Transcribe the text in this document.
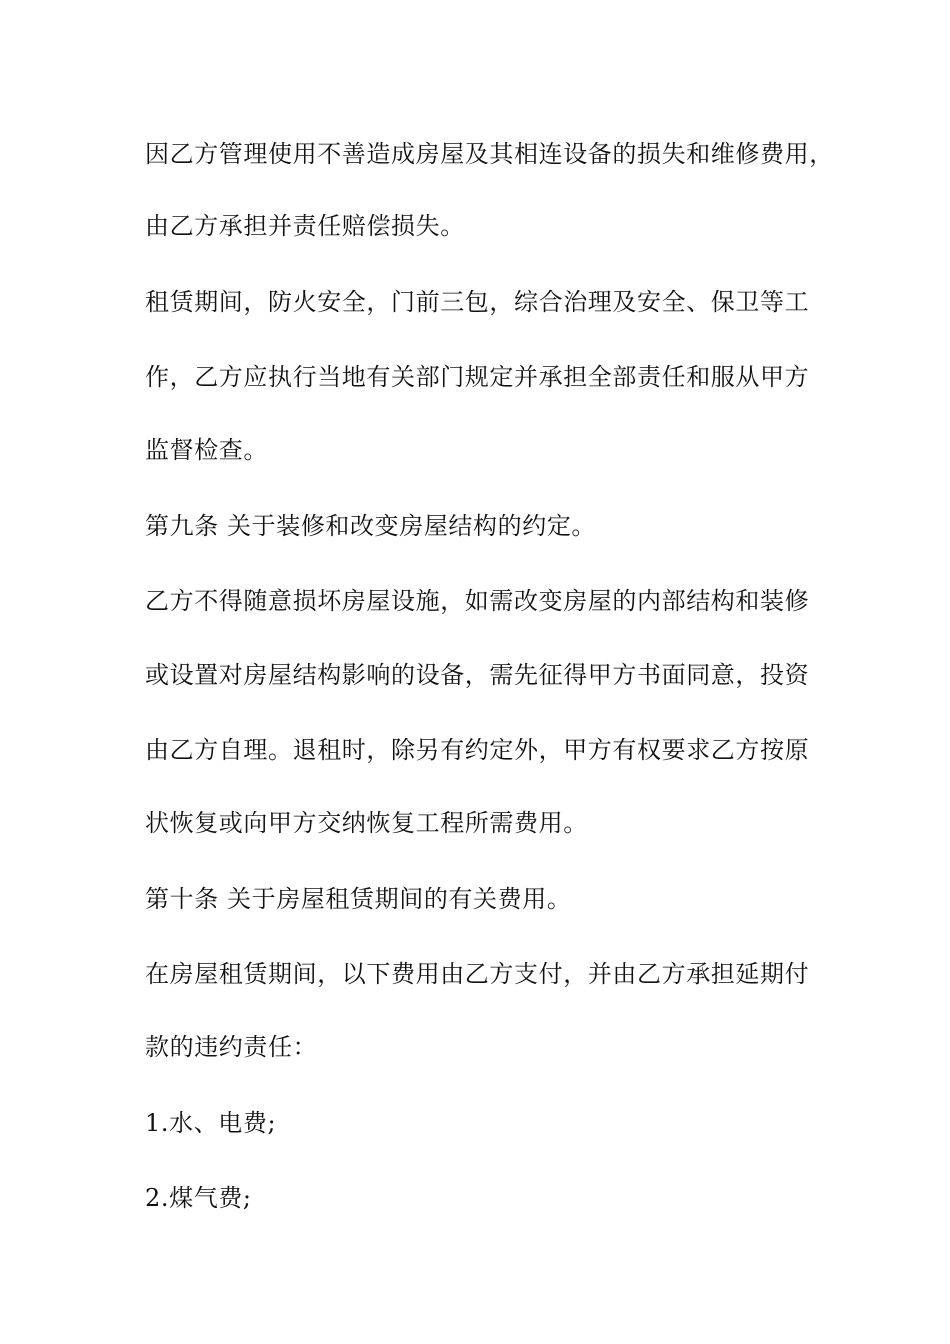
因乙方管理使用不善造成房屋及其相连设备的损失和维修费用，

由乙方承担并责任赔偿损失。

租赁期间，防火安全，门前三包，综合治理及安全、保卫等工

作，乙方应执行当地有关部门规定并承担全部责任和服从甲方

监督检查。

第九条 关于装修和改变房屋结构的约定。

乙方不得随意损坏房屋设施，如需改变房屋的内部结构和装修

或设置对房屋结构影响的设备，需先征得甲方书面同意，投资

由乙方自理。退租时，除另有约定外，甲方有权要求乙方按原

状恢复或向甲方交纳恢复工程所需费用。

第十条 关于房屋租赁期间的有关费用。

在房屋租赁期间，以下费用由乙方支付，并由乙方承担延期付

款的违约责任：

1.水、电费;

2.煤气费;
